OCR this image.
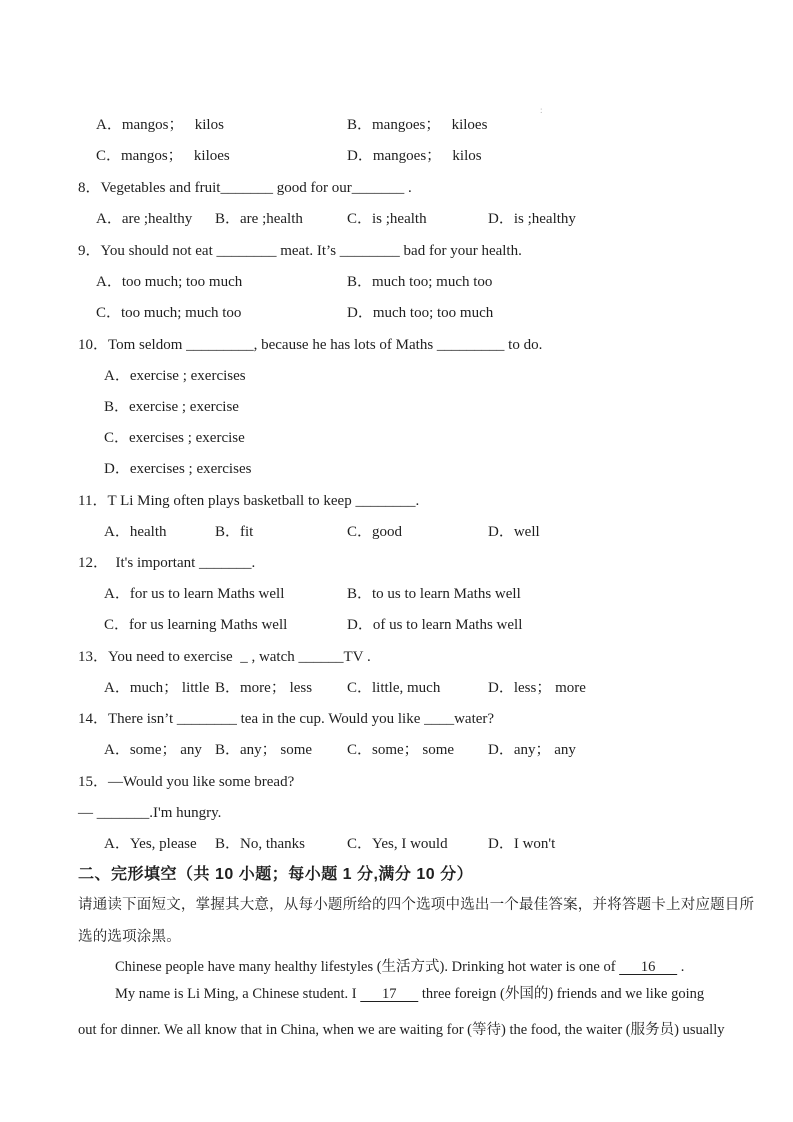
:
A．mangos；   kilos	B．mangoes；   kiloes
C．mangos；   kiloes	D．mangoes；   kilos
8．Vegetables and fruit_______ good for our_______ .
A．are ;healthy B．are ;health	C．is ;health	D．is ;healthy
9．You should not eat ________ meat. It’s ________ bad for your health.
A．too much; too much	B．much too; much too
C．too much; much too	D．much too; too much
10．Tom seldom _________, because he has lots of Maths _________ to do.
A．exercise ; exercises
B．exercise ; exercise
C．exercises ; exercise
D．exercises ; exercises
11．T Li Ming often plays basketball to keep ________.
A．health	B．fit	C．good	D．well
12．  It's important _______.
A．for us to learn Maths well	B．to us to learn Maths well
C．for us learning Maths well	D．of us to learn Maths well
13．You need to exercise  _ , watch ______TV .
A．much； little B．more； less C．little, much	D．less； more
14．There isn’t ________ tea in the cup. Would you like ____water?
A．some； any B．any； some C．some； some D．any； any
15．—Would you like some bread?
— _______.I'm hungry.
A．Yes, please B．No, thanks	C．Yes, I would	D．I won't
二、完形填空（共 10 小题；每小题 1 分,满分 10 分）
请通读下面短文，掌握其大意，从每小题所给的四个选项中选出一个最佳答案，并将答题卡上对应题目所
选的选项涂黑。
Chinese people have many healthy lifestyles (生活方式). Drinking hot water is one of       16       .
My name is Li Ming, a Chinese student. I       17       three foreign (外国的) friends and we like going
out for dinner. We all know that in China, when we are waiting for (等待) the food, the waiter (服务员) usually
